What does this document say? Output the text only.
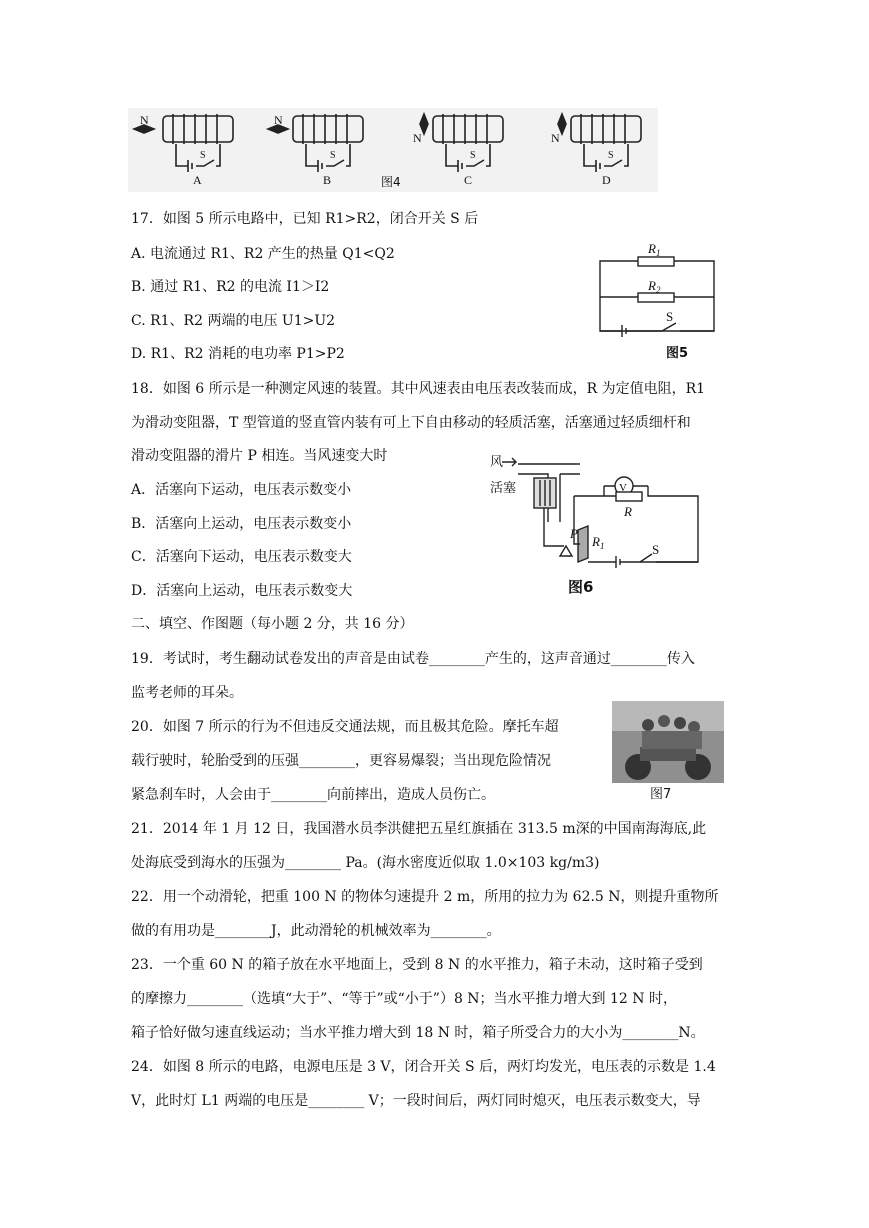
N	N
N	N
S	S	S	S
A	B	C	D
图4
17．如图 5 所示电路中，已知 R1>R2，闭合开关 S 后
A. 电流通过 R1、R2 产生的热量 Q1<Q2
B. 通过 R1、R2 的电流 I1＞I2
C. R1、R2 两端的电压 U1>U2
D. R1、R2 消耗的电功率 P1>P2
$R_1$
$R_2$
S
图5
18．如图 6 所示是一种测定风速的装置。其中风速表由电压表改装而成，R 为定值电阻，R1
为滑动变阻器，T 型管道的竖直管内装有可上下自由移动的轻质活塞，活塞通过轻质细杆和
滑动变阻器的滑片 P 相连。当风速变大时
A．活塞向下运动，电压表示数变小
B．活塞向上运动，电压表示数变小
C．活塞向下运动，电压表示数变大
D．活塞向上运动，电压表示数变大
风
活塞	V
R
P
$R_1$	S
图6
二、填空、作图题（每小题 2 分，共 16 分）
19．考试时，考生翻动试卷发出的声音是由试卷________产生的，这声音通过________传入
监考老师的耳朵。
20．如图 7 所示的行为不但违反交通法规，而且极其危险。摩托车超
载行驶时，轮胎受到的压强________，更容易爆裂；当出现危险情况
紧急刹车时，人会由于________向前摔出，造成人员伤亡。	图7
21．2014 年 1 月 12 日，我国潜水员李洪健把五星红旗插在 313.5 m深的中国南海海底,此
处海底受到海水的压强为________ Pa。(海水密度近似取 1.0×103 kg/m3)
22．用一个动滑轮，把重 100 N 的物体匀速提升 2 m，所用的拉力为 62.5 N，则提升重物所
做的有用功是________J，此动滑轮的机械效率为________。
23．一个重 60 N 的箱子放在水平地面上，受到 8 N 的水平推力，箱子未动，这时箱子受到
的摩擦力________（选填“大于”、“等于”或“小于”）8 N；当水平推力增大到 12 N 时，
箱子恰好做匀速直线运动；当水平推力增大到 18 N 时，箱子所受合力的大小为________N。
24．如图 8 所示的电路，电源电压是 3 V，闭合开关 S 后，两灯均发光，电压表的示数是 1.4
V，此时灯 L1 两端的电压是________ V；一段时间后，两灯同时熄灭，电压表示数变大，导
